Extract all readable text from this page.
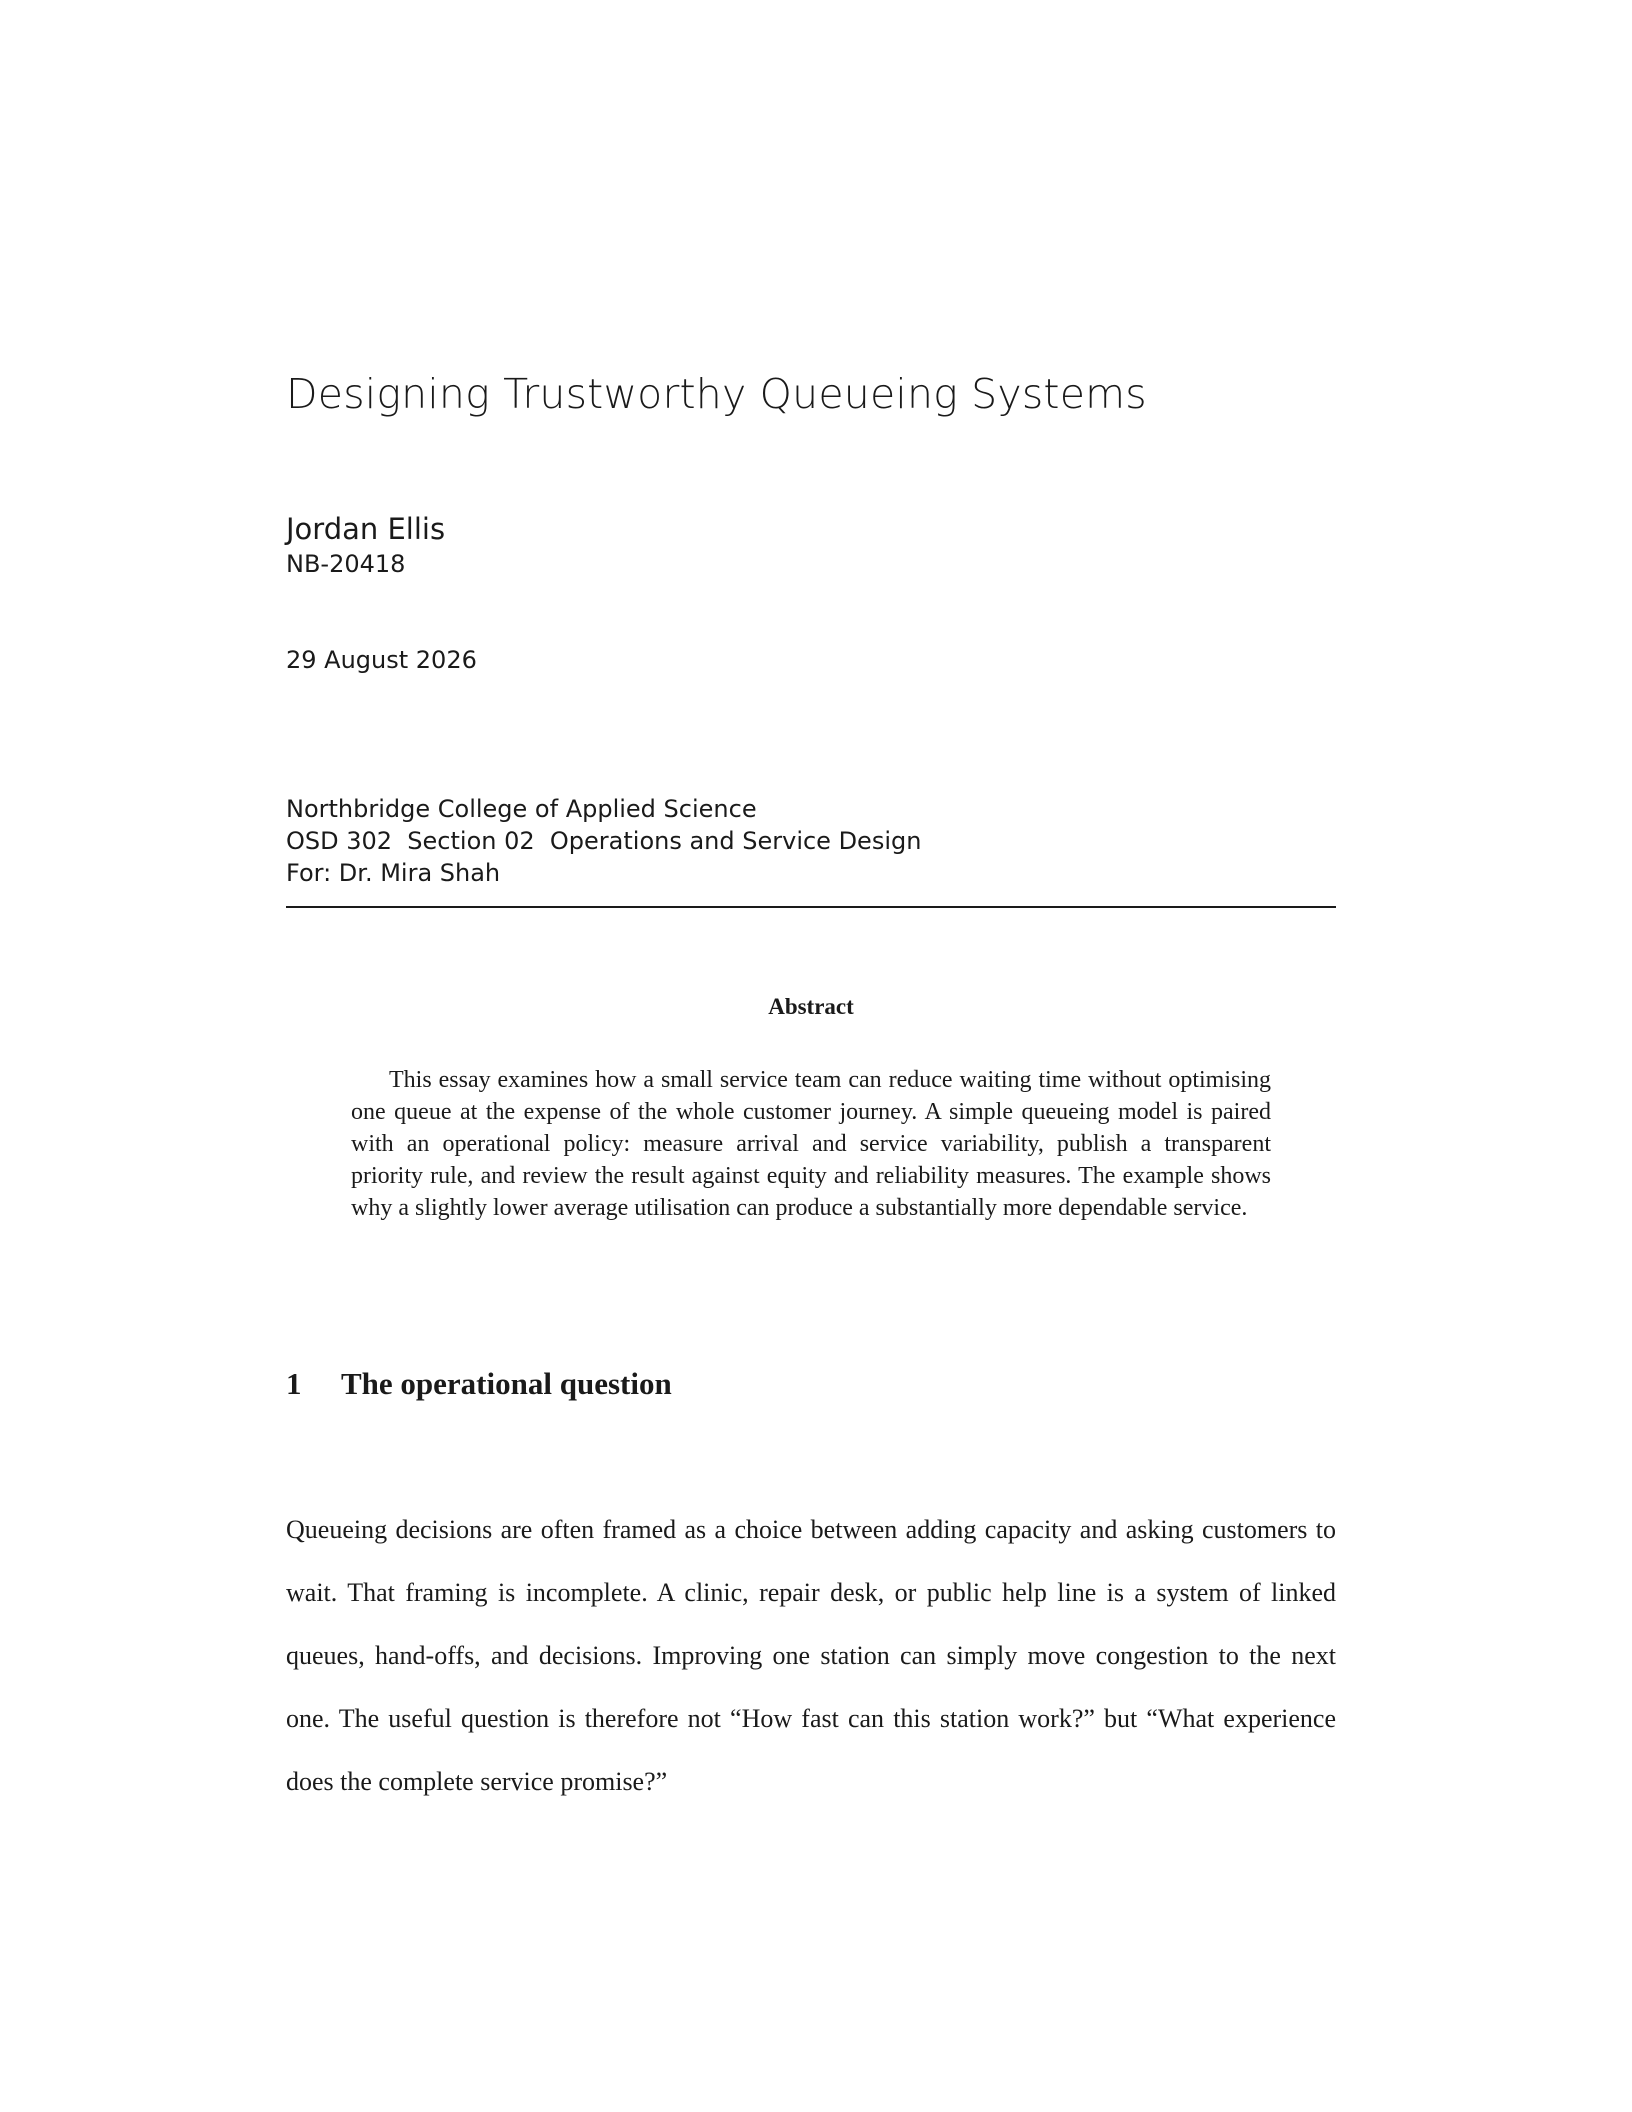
Designing Trustworthy Queueing Systems
Jordan Ellis
NB-20418
29 August 2026
Northbridge College of Applied Science
OSD 302  Section 02  Operations and Service Design
For: Dr. Mira Shah
Abstract
This essay examines how a small service team can reduce waiting time without optimising one queue at the expense of the whole customer journey. A simple queueing model is paired with an operational policy: measure arrival and service variability, publish a transparent priority rule, and review the result against equity and reliability measures. The example shows why a slightly lower average utilisation can produce a substantially more dependable service.
1 The operational question
Queueing decisions are often framed as a choice between adding capacity and asking customers to wait. That framing is incomplete. A clinic, repair desk, or public help line is a system of linked queues, hand-offs, and decisions. Improving one station can simply move congestion to the next one. The useful question is therefore not “How fast can this station work?” but “What experience does the complete service promise?”
